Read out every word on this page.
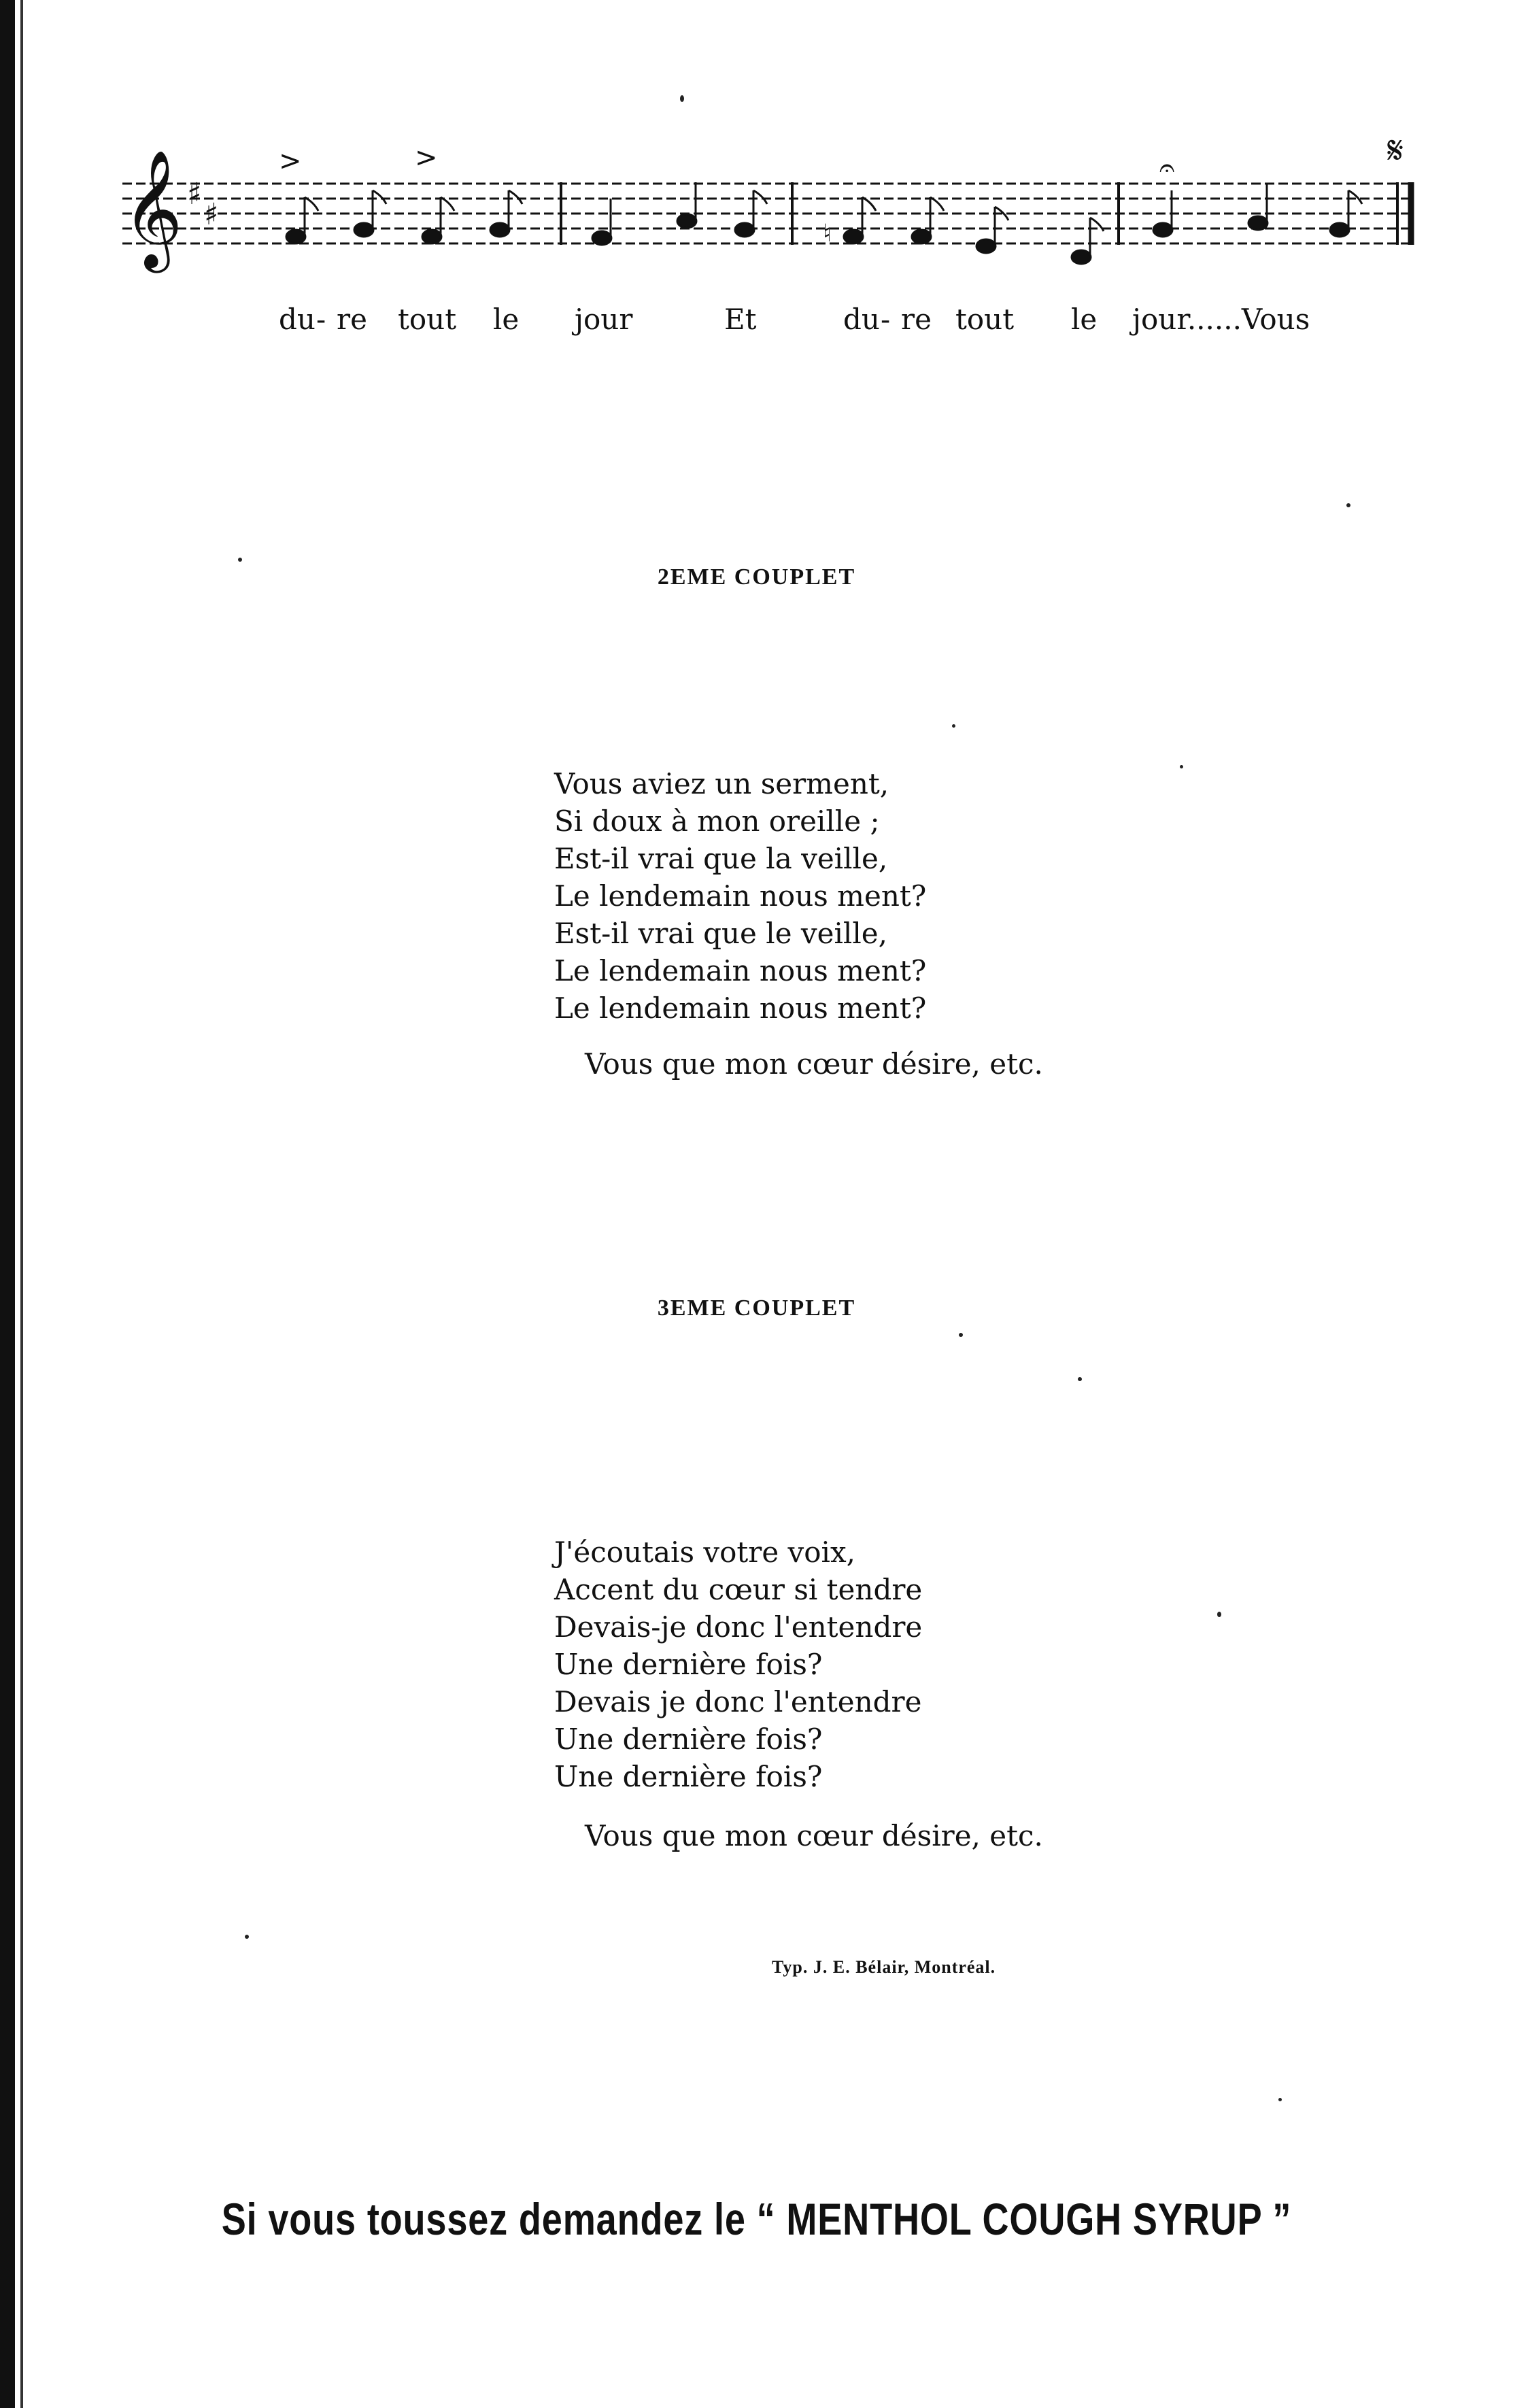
𝄞 ♯
♯
>	>	𝄐	𝄋
♮
du - re tout le jour	Et	du - re tout le jour......Vous
2EME COUPLET
Vous aviez un serment,
Si doux à mon oreille ;
Est-il vrai que la veille,
Le lendemain nous ment?
Est-il vrai que le veille,
Le lendemain nous ment?
Le lendemain nous ment?
Vous que mon cœur désire, etc.
3EME COUPLET
J'écoutais votre voix,
Accent du cœur si tendre
Devais-je donc l'entendre
Une dernière fois?
Devais je donc l'entendre
Une dernière fois?
Une dernière fois?
Vous que mon cœur désire, etc.
Typ. J. E. Bélair, Montréal.
Si vous toussez demandez le “ MENTHOL COUGH SYRUP ”
